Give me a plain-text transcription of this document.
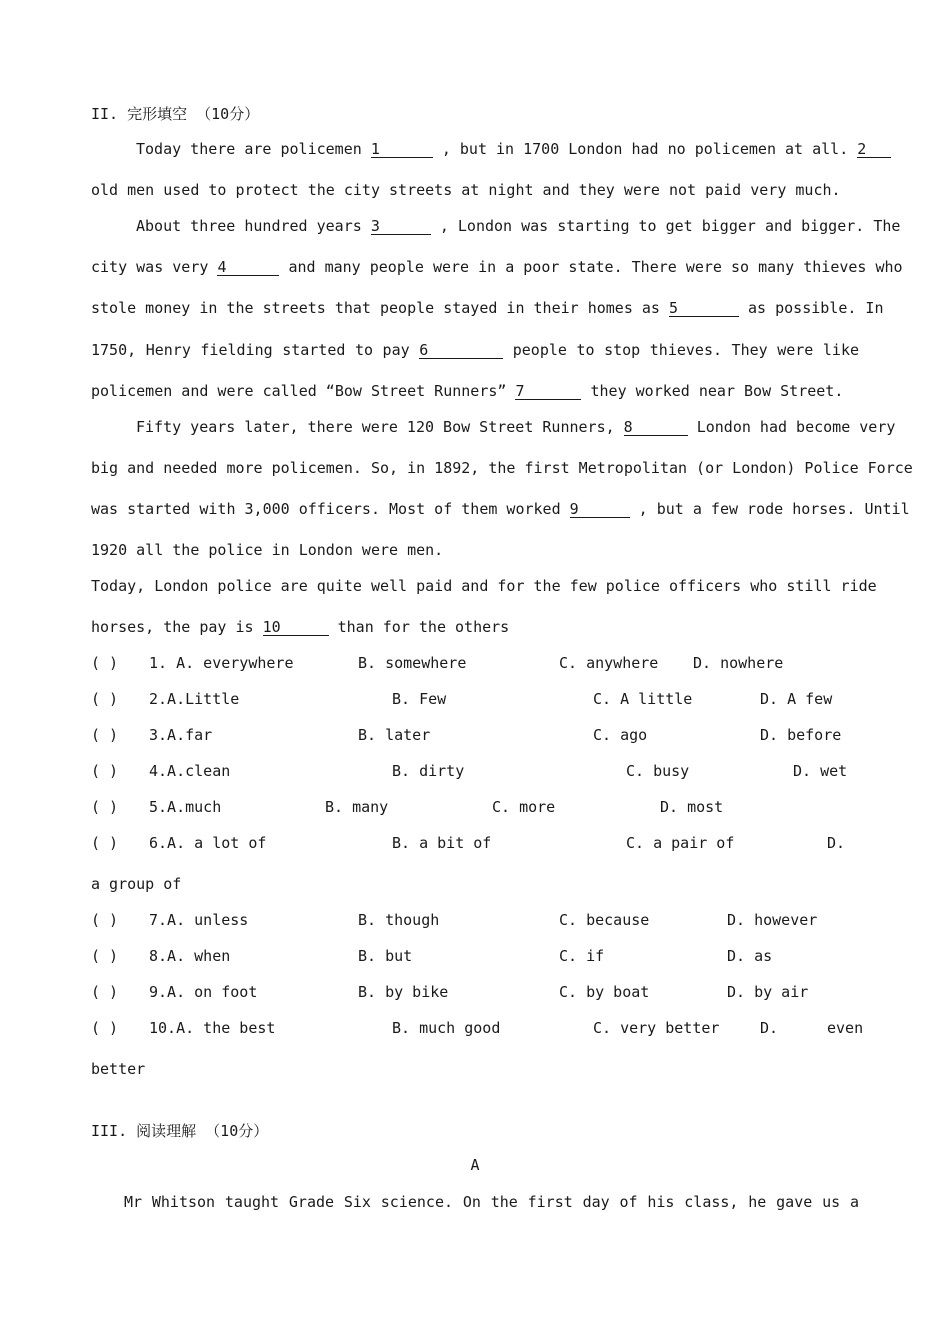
II. 完形填空 （10分）
Today there are policemen 1	, but in 1700 London had no policemen at all. 2
old men used to protect the city streets at night and they were not paid very much.
About three hundred years 3	, London was starting to get bigger and bigger. The
city was very 4	and many people were in a poor state. There were so many thieves who
stole money in the streets that people stayed in their homes as 5	as possible. In
1750, Henry fielding started to pay 6	people to stop thieves. They were like
policemen and were called “Bow Street Runners” 7	they worked near Bow Street.
Fifty years later, there were 120 Bow Street Runners, 8	London had become very
big and needed more policemen. So, in 1892, the first Metropolitan (or London) Police Force
was started with 3,000 officers. Most of them worked 9	, but a few rode horses. Until
1920 all the police in London were men.
Today, London police are quite well paid and for the few police officers who still ride
horses, the pay is 10	than for the others
( ) 1. A. everywhere	B. somewhere	C. anywhere D. nowhere
( ) 2.A.Little	B. Few	C. A little	D. A few
( ) 3.A.far	B. later	C. ago	D. before
( ) 4.A.clean	B. dirty	C. busy	D. wet
( ) 5.A.much	B. many	C. more	D. most
( ) 6.A. a lot of	B. a bit of	C. a pair of	D.
a group of
( ) 7.A. unless	B. though	C. because	D. however
( ) 8.A. when	B. but	C. if	D. as
( ) 9.A. on foot	B. by bike	C. by boat	D. by air
( ) 10.A. the best	B. much good	C. very better	D.	even
better
III. 阅读理解 （10分）
A
Mr Whitson taught Grade Six science. On the first day of his class, he gave us a
